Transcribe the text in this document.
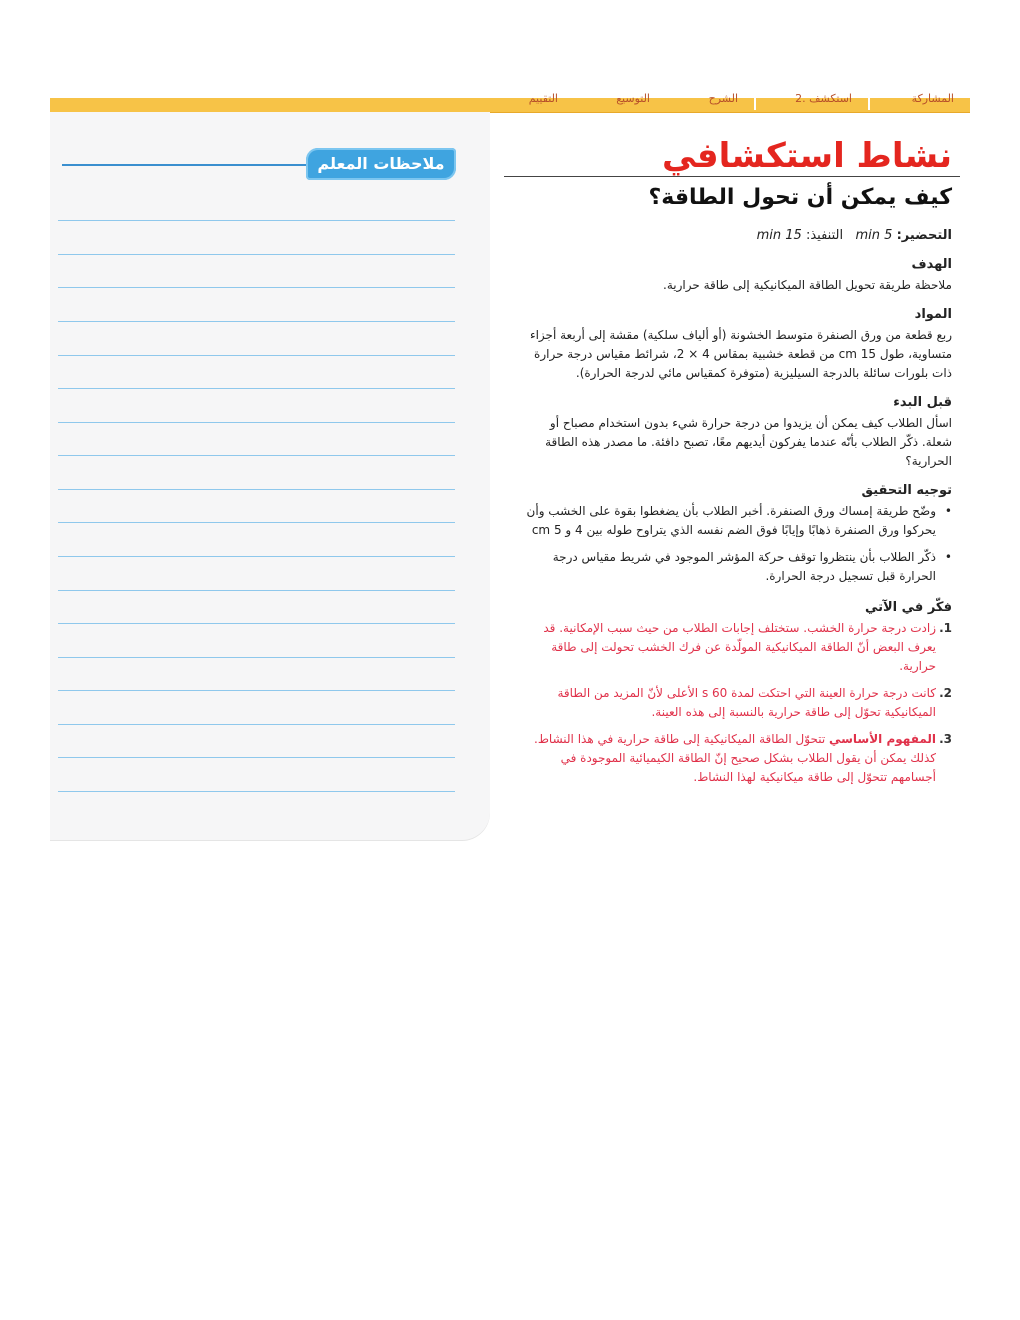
المشاركة
2. استكشف
الشرح
التوسيع
التقييم
ملاحظات المعلم	نشاط استكشافي
كيف يمكن أن تحول الطاقة؟
التحضير: 5 min   التنفيذ: 15 min
الهدف

ملاحظة طريقة تحويل الطاقة الميكانيكية إلى طاقة حرارية.

المواد

ربع قطعة من ورق الصنفرة متوسط الخشونة (أو ألياف سلكية) مقشة إلى أربعة أجزاء متساوية، طول 15 cm من قطعة خشبية بمقاس 4 × 2، شرائط مقياس درجة حرارة ذات بلورات سائلة بالدرجة السيليزية (متوفرة كمقياس مائي لدرجة الحرارة).

قبل البدء

اسأل الطلاب كيف يمكن أن يزيدوا من درجة حرارة شيء بدون استخدام مصباح أو شعلة. ذكّر الطلاب بأنّه عندما يفركون أيديهم معًا، تصبح دافئة. ما مصدر هذه الطاقة الحرارية؟

توجيه التحقيق
• وضّح طريقة إمساك ورق الصنفرة. أخبر الطلاب بأن يضغطوا بقوة على الخشب وأن يحركوا ورق الصنفرة ذهابًا وإيابًا فوق الضم نفسه الذي يتراوح طوله بين 4 و 5 cm
• ذكّر الطلاب بأن ينتظروا توقف حركة المؤشر الموجود في شريط مقياس درجة الحرارة قبل تسجيل درجة الحرارة.
فكّر في الآتي
1.
زادت درجة حرارة الخشب. ستختلف إجابات الطلاب من حيث سبب الإمكانية. قد يعرف البعض أنّ الطاقة الميكانيكية المولّدة عن فرك الخشب تحولت إلى طاقة حرارية.
2.
كانت درجة حرارة العينة التي احتكت لمدة 60 s الأعلى لأنّ المزيد من الطاقة الميكانيكية تحوّل إلى طاقة حرارية بالنسبة إلى هذه العينة.
3.
المفهوم الأساسي تتحوّل الطاقة الميكانيكية إلى طاقة حرارية في هذا النشاط. كذلك يمكن أن يقول الطلاب بشكل صحيح إنّ الطاقة الكيميائية الموجودة في أجسامهم تتحوّل إلى طاقة ميكانيكية لهذا النشاط.
